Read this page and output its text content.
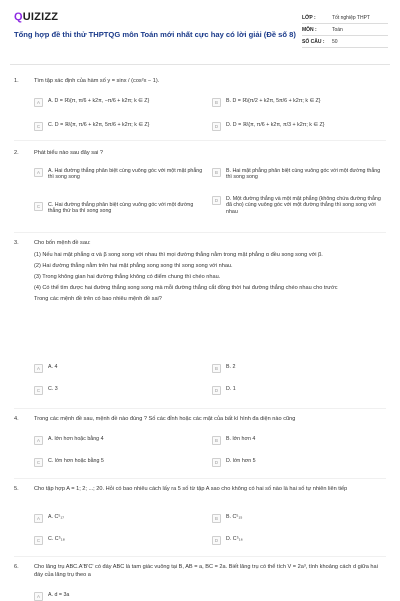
QUIZIZZ
Tổng hợp đề thi thử THPTQG môn Toán mới nhất cực hay có lời giải (Đề số 8)
LỚP :	Tốt nghiệp THPT
MÔN :	Toán
SỐ CÂU :	50
1.	Tìm tập xác định của hàm số y = sinx / (cos²x − 1).
A	A. D = ℝ\{π, π/6 + k2π, −π/6 + k2π; k ∈ Z}	B	B. D = ℝ\{π/2 + k2π, 5π/6 + k2π; k ∈ Z}
C	C. D = ℝ\{π, π/6 + k2π, 5π/6 + k2π; k ∈ Z}	D	D. D = ℝ\{π, π/6 + k2π, π/3 + k2π; k ∈ Z}
2.	Phát biểu nào sau đây sai ?
A	A. Hai đường thẳng phân biệt cùng vuông góc với một mặt phẳng thì song song
B	B. Hai mặt phẳng phân biệt cùng vuông góc với một đường thẳng thì song song
C	C. Hai đường thẳng phân biệt cùng vuông góc với một đường thẳng thứ ba thì song song
D	D. Một đường thẳng và một mặt phẳng (không chứa đường thẳng đã cho) cùng vuông góc với một đường thẳng thì song song với nhau
3.	Cho bốn mệnh đề sau:
(1) Nếu hai mặt phẳng α và β song song với nhau thì mọi đường thẳng nằm trong mặt phẳng α đều song song với β.
(2) Hai đường thẳng nằm trên hai mặt phẳng song song thì song song với nhau.
(3) Trong không gian hai đường thẳng không có điểm chung thì chéo nhau.
(4) Có thể tìm được hai đường thẳng song song mà mỗi đường thẳng cắt đồng thời hai đường thẳng chéo nhau cho trước
Trong các mệnh đề trên có bao nhiêu mệnh đề sai?
A	A. 4	B	B. 2
C	C. 3	D	D. 1
4.	Trong các mệnh đề sau, mệnh đề nào đúng ? Số các đỉnh hoặc các mặt của bất kì hình đa diện nào cũng
A	A. lớn hơn hoặc bằng 4	B	B. lớn hơn 4
C	C. lớn hơn hoặc bằng 5	D	D. lớn hơn 5
5.	Cho tập hợp A = 1; 2; ...; 20. Hỏi có bao nhiêu cách lấy ra 5 số từ tập A sao cho không có hai số nào là hai số tự nhiên liên tiếp
A	A. C⁵₁₇	B	B. C⁵₁₅
C	C. C⁵₁₈	D	D. C⁵₁₆
6.	Cho lăng trụ ABC.A'B'C' có đáy ABC là tam giác vuông tại B, AB = a, BC = 2a. Biết lăng trụ có thể tích V = 2a³, tính khoảng cách d giữa hai đáy của lăng trụ theo a
A	A. d = 3a
